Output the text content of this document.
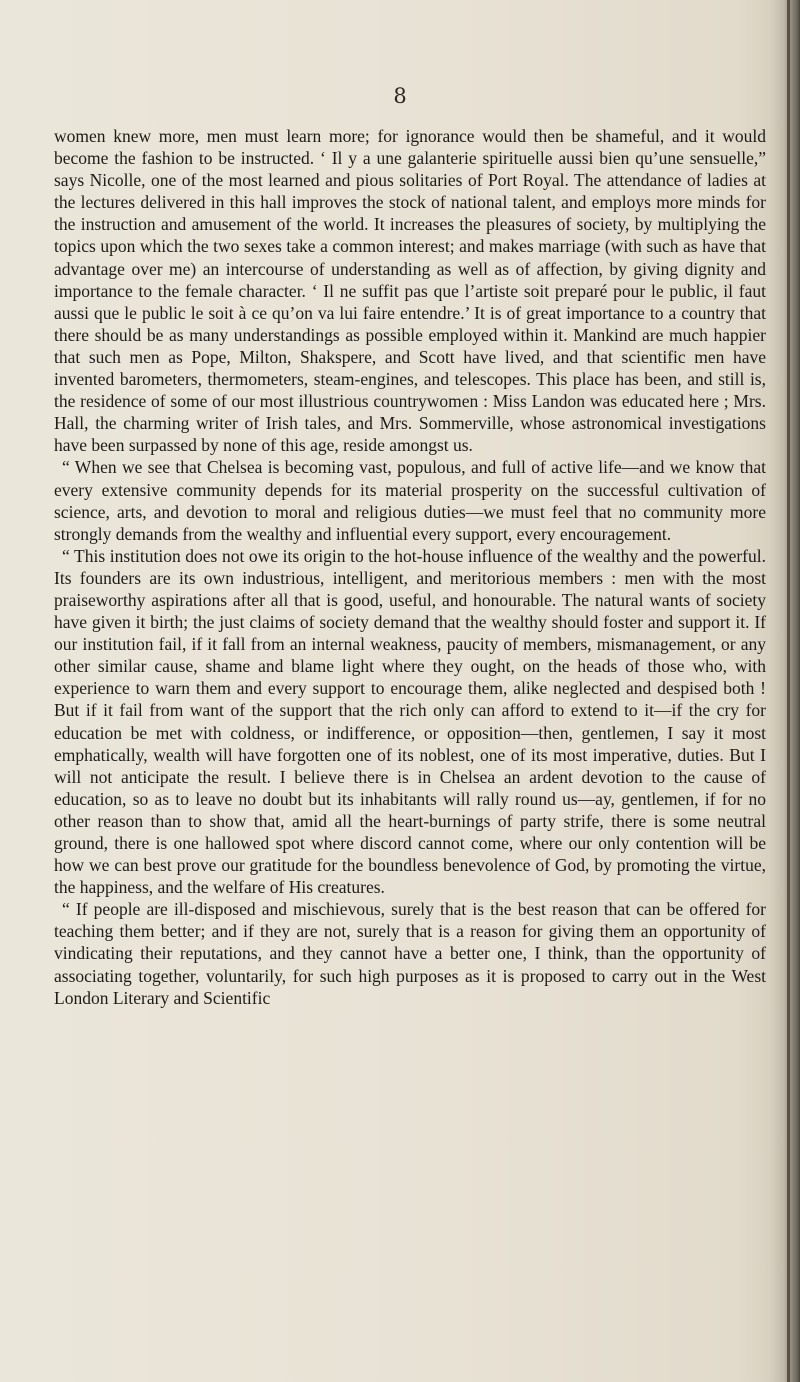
8

women knew more, men must learn more; for ignorance would then be shameful, and it would become the fashion to be instructed. ‘ Il y a une galanterie spirituelle aussi bien qu’une sensuelle,” says Nicolle, one of the most learned and pious solitaries of Port Royal. The attendance of ladies at the lectures delivered in this hall improves the stock of national talent, and employs more minds for the instruction and amusement of the world. It increases the pleasures of society, by multiplying the topics upon which the two sexes take a common interest; and makes marriage (with such as have that advantage over me) an intercourse of understanding as well as of affection, by giving dignity and importance to the female character. ‘ Il ne suffit pas que l’artiste soit preparé pour le public, il faut aussi que le public le soit à ce qu’on va lui faire entendre.’ It is of great importance to a country that there should be as many understandings as possible employed within it. Mankind are much happier that such men as Pope, Milton, Shakspere, and Scott have lived, and that scientific men have invented barometers, thermometers, steam-engines, and telescopes. This place has been, and still is, the residence of some of our most illustrious countrywomen : Miss Landon was educated here ; Mrs. Hall, the charming writer of Irish tales, and Mrs. Sommerville, whose astronomical investigations have been surpassed by none of this age, reside amongst us.

“ When we see that Chelsea is becoming vast, populous, and full of active life—and we know that every extensive community depends for its material prosperity on the successful cultivation of science, arts, and devotion to moral and religious duties—we must feel that no community more strongly demands from the wealthy and influential every support, every encouragement.

“ This institution does not owe its origin to the hot-house influence of the wealthy and the powerful. Its founders are its own industrious, intelligent, and meritorious members : men with the most praiseworthy aspirations after all that is good, useful, and honourable. The natural wants of society have given it birth; the just claims of society demand that the wealthy should foster and support it. If our institution fail, if it fall from an internal weakness, paucity of members, mismanagement, or any other similar cause, shame and blame light where they ought, on the heads of those who, with experience to warn them and every support to encourage them, alike neglected and despised both ! But if it fail from want of the support that the rich only can afford to extend to it—if the cry for education be met with coldness, or indifference, or opposition—then, gentlemen, I say it most emphatically, wealth will have forgotten one of its noblest, one of its most imperative, duties. But I will not anticipate the result. I believe there is in Chelsea an ardent devotion to the cause of education, so as to leave no doubt but its inhabitants will rally round us—ay, gentlemen, if for no other reason than to show that, amid all the heart-burnings of party strife, there is some neutral ground, there is one hallowed spot where discord cannot come, where our only contention will be how we can best prove our gratitude for the boundless benevolence of God, by promoting the virtue, the happiness, and the welfare of His creatures.

“ If people are ill-disposed and mischievous, surely that is the best reason that can be offered for teaching them better; and if they are not, surely that is a reason for giving them an opportunity of vindicating their reputations, and they cannot have a better one, I think, than the opportunity of associating together, voluntarily, for such high purposes as it is proposed to carry out in the West London Literary and Scientific
